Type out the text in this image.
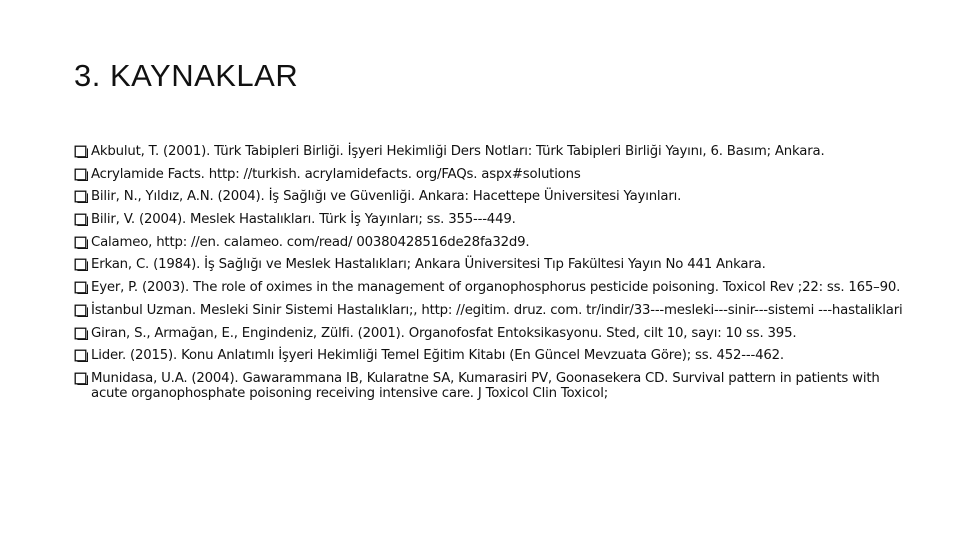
3. KAYNAKLAR
Akbulut, T. (2001). Türk Tabipleri Birliği. İşyeri Hekimliği Ders Notları: Türk Tabipleri Birliği Yayını, 6. Basım; Ankara.
Acrylamide Facts. http: //turkish. acrylamidefacts. org/FAQs. aspx#solutions
Bilir, N., Yıldız, A.N. (2004). İş Sağlığı ve Güvenliği. Ankara: Hacettepe Üniversitesi Yayınları.
Bilir, V. (2004). Meslek Hastalıkları. Türk İş Yayınları; ss. 355---449.
Calameo, http: //en. calameo. com/read/ 00380428516de28fa32d9.
Erkan, C. (1984). İş Sağlığı ve Meslek Hastalıkları; Ankara Üniversitesi Tıp Fakültesi Yayın No 441 Ankara.
Eyer, P. (2003). The role of oximes in the management of organophosphorus pesticide poisoning. Toxicol Rev ;22: ss. 165–90.
İstanbul Uzman. Mesleki Sinir Sistemi Hastalıkları;, http: //egitim. druz. com. tr/indir/33---mesleki---sinir---sistemi ---hastaliklari
Giran, S., Armağan, E., Engindeniz, Zülfi. (2001). Organofosfat Entoksikasyonu. Sted, cilt 10, sayı: 10 ss. 395.
Lider. (2015). Konu Anlatımlı İşyeri Hekimliği Temel Eğitim Kitabı (En Güncel Mevzuata Göre); ss. 452---462.
Munidasa, U.A. (2004). Gawarammana IB, Kularatne SA, Kumarasiri PV, Goonasekera CD. Survival pattern in patients with acute organophosphate poisoning receiving intensive care. J Toxicol Clin Toxicol;
